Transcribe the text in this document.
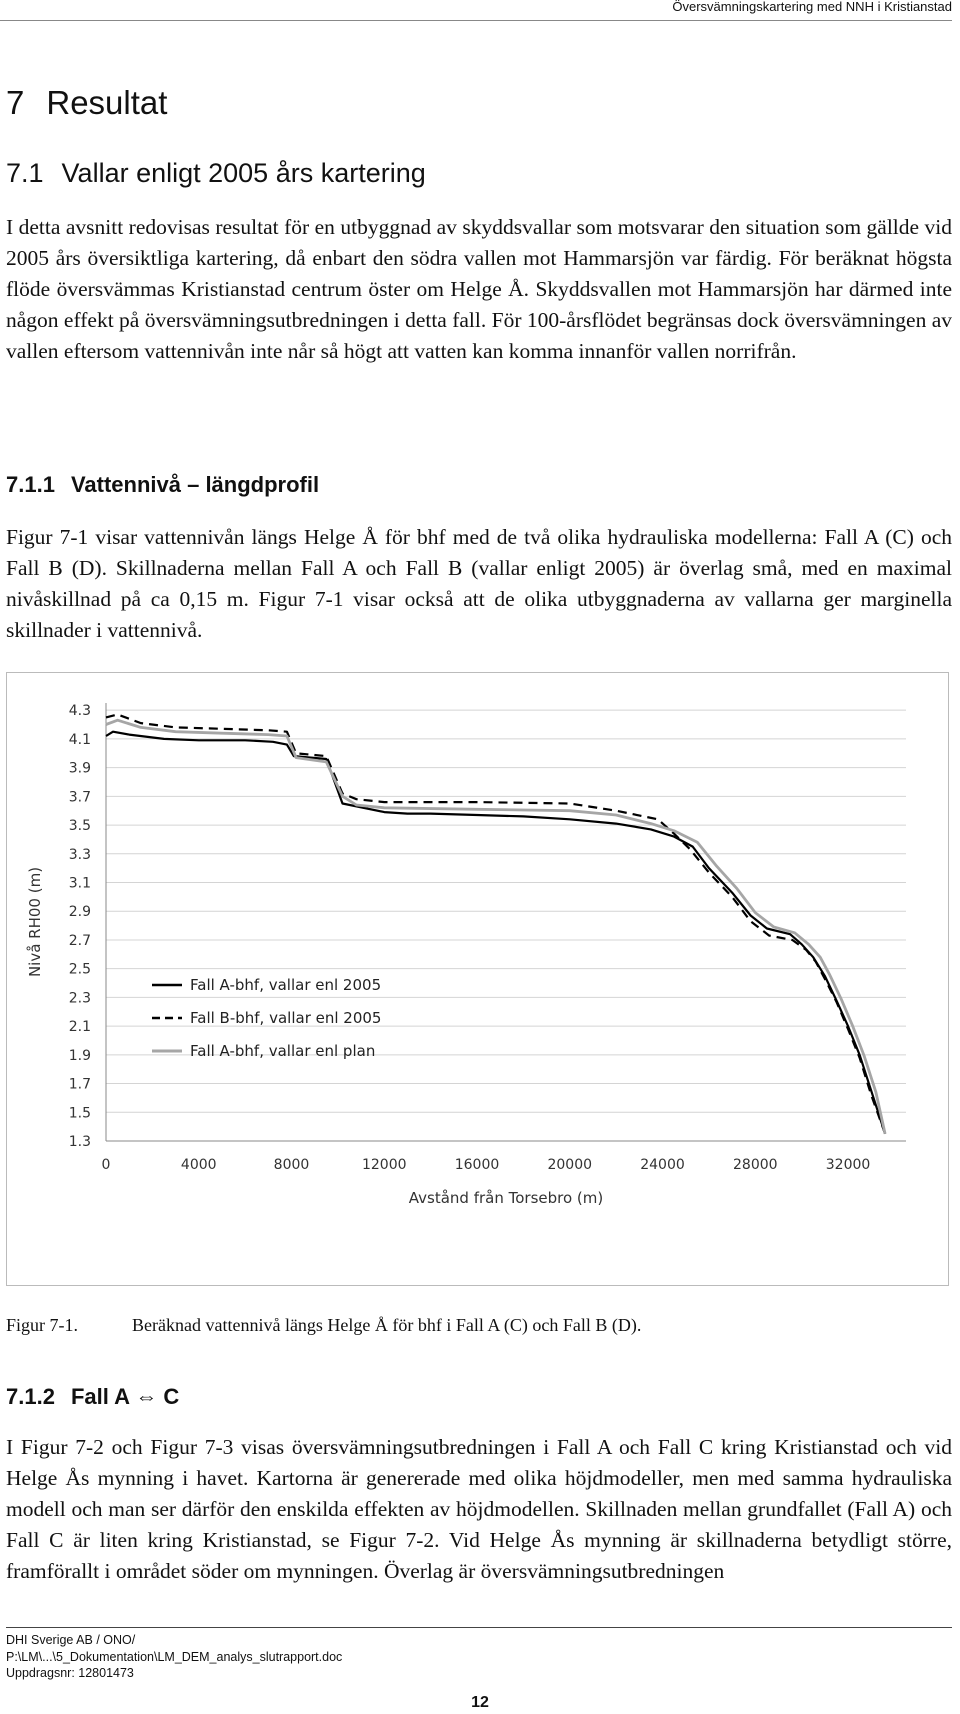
Översvämningskartering med NNH i Kristianstad
7 Resultat
7.1 Vallar enligt 2005 års kartering
I detta avsnitt redovisas resultat för en utbyggnad av skyddsvallar som motsvarar den situation som gällde vid 2005 års översiktliga kartering, då enbart den södra vallen mot Hammarsjön var färdig. För beräknat högsta flöde översvämmas Kristianstad centrum öster om Helge Å. Skyddsvallen mot Hammarsjön har därmed inte någon effekt på översvämningsutbredningen i detta fall. För 100-årsflödet begränsas dock översvämningen av vallen eftersom vattennivån inte når så högt att vatten kan komma innanför vallen norrifrån.
7.1.1 Vattennivå – längdprofil
Figur 7-1 visar vattennivån längs Helge Å för bhf med de två olika hydrauliska modellerna: Fall A (C) och Fall B (D). Skillnaderna mellan Fall A och Fall B (vallar enligt 2005) är överlag små, med en maximal nivåskillnad på ca 0,15 m. Figur 7-1 visar också att de olika utbyggnaderna av vallarna ger marginella skillnader i vattennivå.
1.3
1.5
1.7
1.9
2.1
2.3
2.5
2.7
2.9
3.1
3.3
3.5
3.7
3.9
4.1
4.3
0	4000	8000	12000	16000	20000	24000	28000	32000
Avstånd från Torsebro (m)
Nivå RH00 (m)
Fall A-bhf, vallar enl 2005
Fall B-bhf, vallar enl 2005
Fall A-bhf, vallar enl plan
Figur 7-1.	Beräknad vattennivå längs Helge Å för bhf i Fall A (C) och Fall B (D).
7.1.2 Fall A ⇔ C
I Figur 7-2 och Figur 7-3 visas översvämningsutbredningen i Fall A och Fall C kring Kristianstad och vid Helge Ås mynning i havet. Kartorna är genererade med olika höjdmodeller, men med samma hydrauliska modell och man ser därför den enskilda effekten av höjdmodellen. Skillnaden mellan grundfallet (Fall A) och Fall C är liten kring Kristianstad, se Figur 7-2. Vid Helge Ås mynning är skillnaderna betydligt större, framförallt i området söder om mynningen. Överlag är översvämningsutbredningen
DHI Sverige AB / ONO/
P:\LM\...\5_Dokumentation\LM_DEM_analys_slutrapport.doc
Uppdragsnr: 12801473
12
